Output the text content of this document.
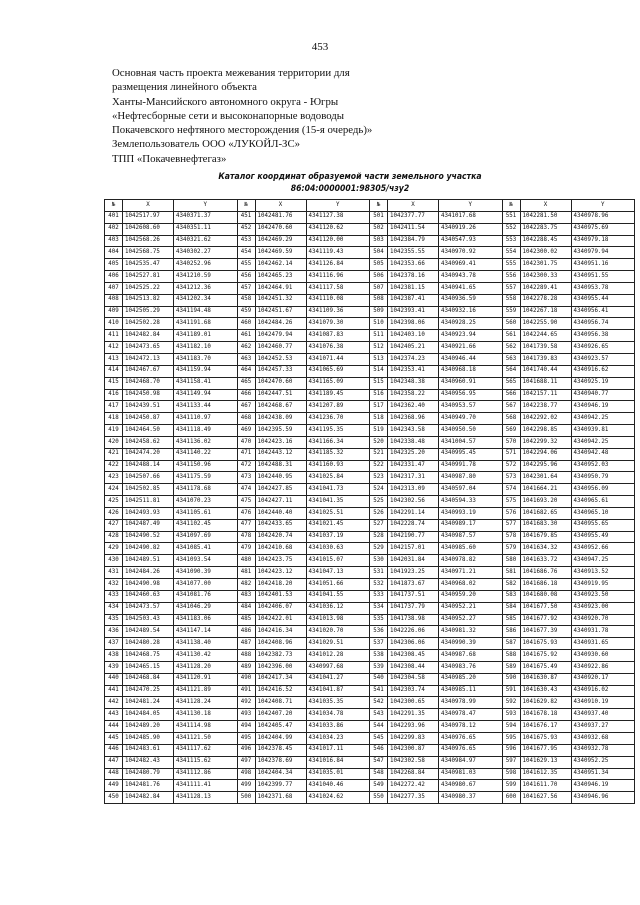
453
Основная часть проекта межевания территории для
размещения линейного объекта
Ханты-Мансийского автономного округа - Югры
«Нефтесборные сети и высоконапорные водоводы
Покачевского нефтяного месторождения (15-я очередь)»
Землепользователь ООО «ЛУКОЙЛ-ЗС»
ТПП «Покачевнефтегаз»
Каталог координат образуемой части земельного участка
86:04:0000001:98305/чзу2
№	X	Y	№	X	Y	№	X	Y	№	X	Y
401	1042517.97	4340371.37	451	1042481.76	4341127.38	501	1042377.77	4341017.68	551	1042281.50	4340978.96
402	1042608.60	4340351.11	452	1042470.60	4341120.62	502	1042411.54	4340919.26	552	1042283.75	4340975.69
403	1042568.26	4340321.62	453	1042469.29	4341120.00	503	1042384.79	4340547.93	553	1042288.45	4340979.18
404	1042568.75	4340302.27	454	1042469.59	4341119.43	504	1042355.55	4340970.92	554	1042300.02	4340979.94
405	1042535.47	4340252.96	455	1042462.14	4341126.84	505	1042353.66	4340969.41	555	1042301.75	4340951.16
406	1042527.81	4341210.59	456	1042465.23	4341116.96	506	1042378.16	4340943.78	556	1042300.33	4340951.55
407	1042525.22	4341212.36	457	1042464.91	4341117.58	507	1042381.15	4340941.65	557	1042289.41	4340953.78
408	1042513.82	4341202.34	458	1042451.32	4341110.08	508	1042387.41	4340936.59	558	1042278.28	4340955.44
409	1042505.29	4341194.48	459	1042451.67	4341109.36	509	1042393.41	4340932.16	559	1042267.18	4340956.41
410	1042502.28	4341191.68	460	1042484.26	4341079.30	510	1042398.06	4340928.25	560	1042255.90	4340956.74
411	1042482.84	4341189.01	461	1042479.94	4341087.83	511	1042403.10	4340923.94	561	1042244.65	4340956.38
412	1042473.65	4341182.10	462	1042460.77	4341076.38	512	1042405.21	4340921.66	562	1041739.58	4340926.65
413	1042472.13	4341183.70	463	1042452.53	4341071.44	513	1042374.23	4340946.44	563	1041739.83	4340923.57
414	1042467.67	4341159.94	464	1042457.33	4341065.69	514	1042353.41	4340968.18	564	1041740.44	4340916.62
415	1042468.70	4341158.41	465	1042470.60	4341165.09	515	1042348.38	4340960.91	565	1041688.11	4340925.19
416	1042450.98	4341149.94	466	1042447.51	4341189.45	516	1042358.22	4340956.95	566	1042157.11	4340940.77
417	1042439.51	4341133.44	467	1042468.67	4341207.89	517	1042362.40	4340953.57	567	1042238.77	4340946.19
418	1042450.87	4341110.97	468	1042438.09	4341236.70	518	1042368.96	4340949.70	568	1042292.02	4340942.25
419	1042464.50	4341118.49	469	1042395.59	4341195.35	519	1042343.58	4340950.50	569	1042298.85	4340939.81
420	1042458.62	4341136.02	470	1042423.16	4341166.34	520	1042338.48	4341004.57	570	1042299.32	4340942.25
421	1042474.20	4341140.22	471	1042443.12	4341185.32	521	1042325.20	4340995.45	571	1042294.06	4340942.48
422	1042488.14	4341150.96	472	1042488.31	4341160.93	522	1042331.47	4340991.78	572	1042295.96	4340952.03
423	1042507.66	4341175.59	473	1042440.95	4341025.84	523	1042317.31	4340987.80	573	1042301.64	4340950.79
424	1042502.85	4341178.68	474	1042427.85	4341041.73	524	1042313.09	4340597.04	574	1041664.21	4340956.09
425	1042511.81	4341070.23	475	1042427.11	4341041.35	525	1042302.56	4340594.33	575	1041693.20	4340965.61
426	1042493.93	4341105.61	476	1042440.40	4341025.51	526	1042291.14	4340993.19	576	1041682.65	4340965.10
427	1042487.49	4341102.45	477	1042433.65	4341021.45	527	1042228.74	4340989.17	577	1041683.30	4340955.65
428	1042490.52	4341097.69	478	1042420.74	4341037.19	528	1042190.77	4340987.57	578	1041679.85	4340955.49
429	1042490.82	4341085.41	479	1042410.68	4341030.63	529	1042157.01	4340985.60	579	1041634.32	4340952.66
430	1042489.51	4341093.54	480	1042423.75	4341015.07	530	1042031.84	4340978.82	580	1041633.72	4340947.25
431	1042484.26	4341090.39	481	1042423.12	4341047.13	531	1041923.25	4340971.21	581	1041686.76	4340913.52
432	1042490.98	4341077.00	482	1042418.20	4341051.66	532	1041873.67	4340968.02	582	1041686.18	4340919.95
433	1042460.63	4341081.76	483	1042401.53	4341041.55	533	1041737.51	4340959.20	583	1041680.08	4340923.50
434	1042473.57	4341046.29	484	1042406.07	4341036.12	534	1041737.79	4340952.21	584	1041677.50	4340923.00
435	1042503.43	4341183.06	485	1042422.01	4341013.98	535	1041738.98	4340952.27	585	1041677.92	4340920.70
436	1042489.54	4341147.14	486	1042416.34	4341020.70	536	1042226.06	4340981.32	586	1041677.39	4340931.78
437	1042480.28	4341138.40	487	1042408.96	4341029.51	537	1042306.06	4340990.39	587	1041675.93	4340931.65
438	1042468.75	4341130.42	488	1042382.73	4341012.28	538	1042308.45	4340987.68	588	1041675.92	4340930.60
439	1042465.15	4341128.20	489	1042396.00	4340997.68	539	1042308.44	4340983.76	589	1041675.49	4340922.86
440	1042468.84	4341120.91	490	1042417.34	4341041.27	540	1042304.58	4340985.20	590	1041630.87	4340920.17
441	1042470.25	4341121.89	491	1042416.52	4341041.87	541	1042303.74	4340985.11	591	1041630.43	4340916.02
442	1042481.24	4341128.24	492	1042408.71	4341035.35	542	1042300.65	4340978.99	592	1041629.82	4340910.19
443	1042484.05	4341130.18	493	1042407.20	4341034.78	543	1042291.35	4340978.47	593	1041678.18	4340937.40
444	1042489.20	4341114.98	494	1042405.47	4341033.86	544	1042293.96	4340978.12	594	1041676.17	4340937.27
445	1042485.90	4341121.50	495	1042404.99	4341034.23	545	1042299.83	4340976.65	595	1041675.93	4340932.68
446	1042483.61	4341117.62	496	1042378.45	4341017.11	546	1042300.87	4340976.65	596	1041677.95	4340932.78
447	1042482.43	4341115.62	497	1042378.69	4341016.84	547	1042302.58	4340984.97	597	1041629.13	4340952.25
448	1042480.79	4341112.86	498	1042404.34	4341035.01	548	1042268.84	4340981.03	598	1041612.35	4340951.34
449	1042481.76	4341111.41	499	1042399.77	4341040.46	549	1042272.42	4340980.67	599	1041611.70	4340946.19
450	1042482.84	4341128.13	500	1042371.68	4341024.62	550	1042277.35	4340980.37	600	1041627.56	4340946.96
